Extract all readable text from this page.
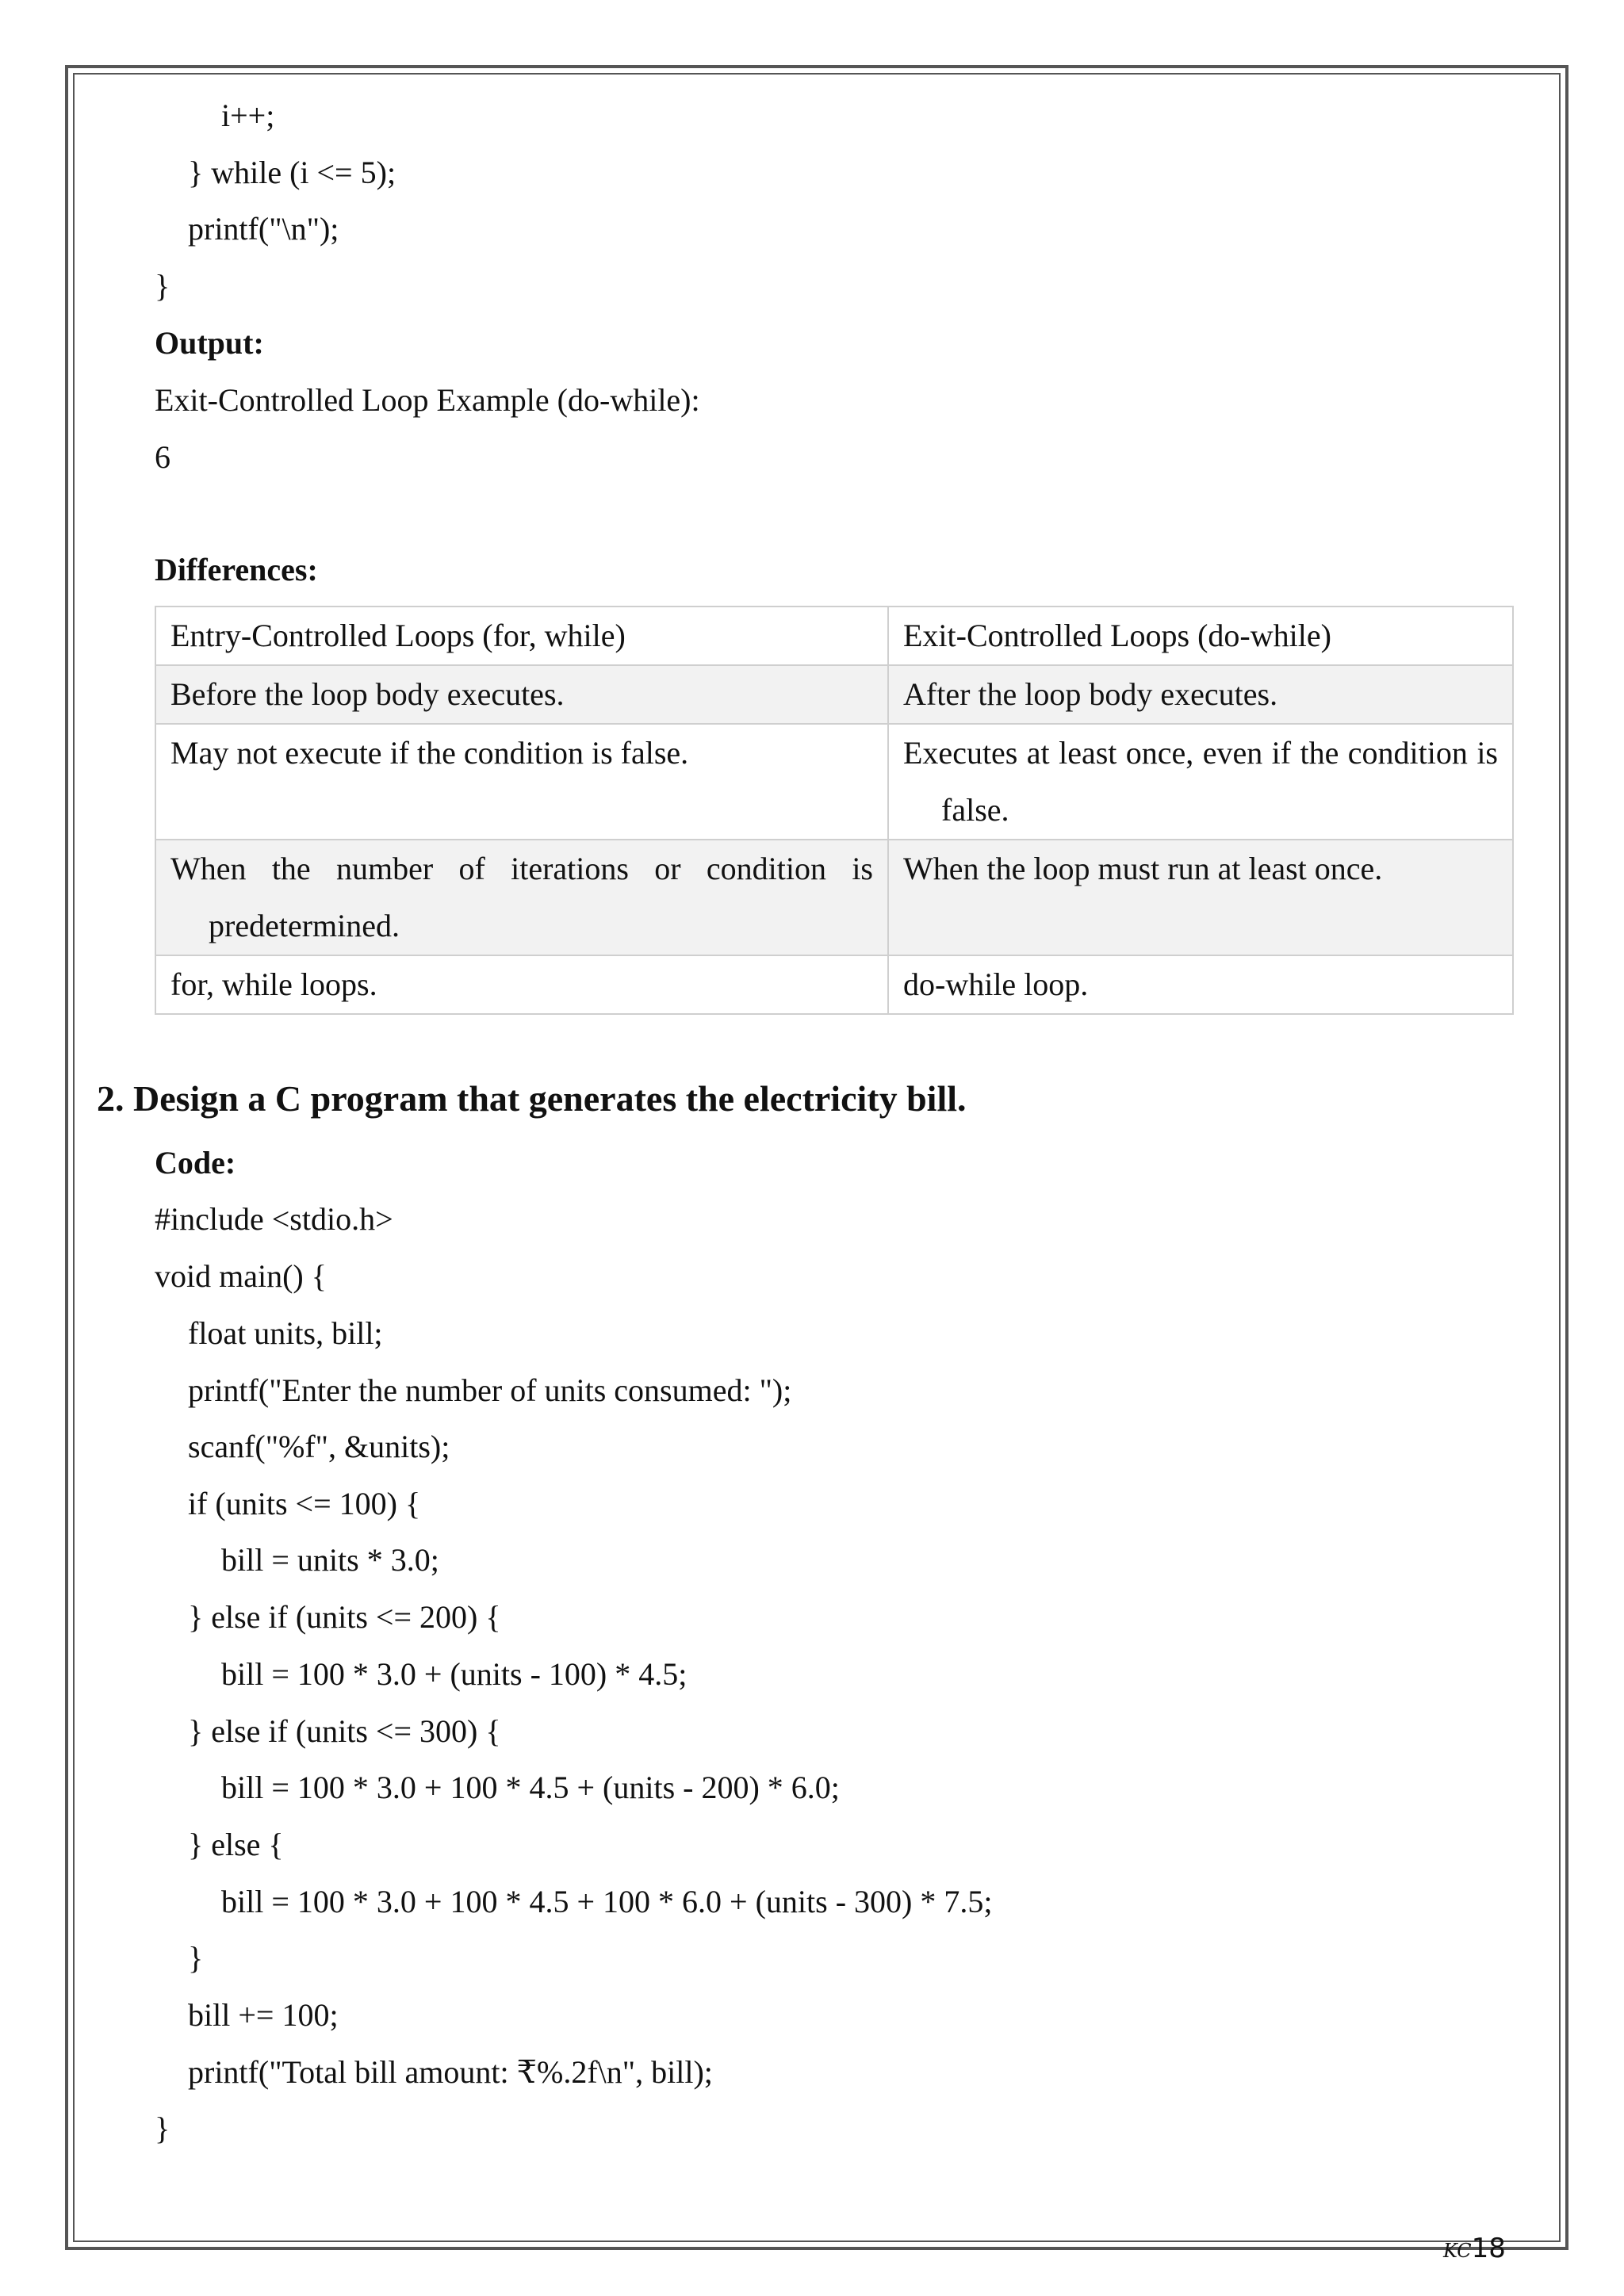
i++;
} while (i <= 5);
printf("\n");
}
Output:
Exit-Controlled Loop Example (do-while):
6
Differences:
Entry-Controlled Loops (for, while)	Exit-Controlled Loops (do-while)

Before the loop body executes.	After the loop body executes.

May not execute if the condition is false.	Executes at least once, even if the condition is false.

When the number of iterations or condition is predetermined.	When the loop must run at least once.

for, while loops.	do-while loop.
2. Design a C program that generates the electricity bill.
Code:
#include <stdio.h>
void main() {
float units, bill;
printf("Enter the number of units consumed: ");
scanf("%f", &units);
if (units <= 100) {
bill = units * 3.0;
} else if (units <= 200) {
bill = 100 * 3.0 + (units - 100) * 4.5;
} else if (units <= 300) {
bill = 100 * 3.0 + 100 * 4.5 + (units - 200) * 6.0;
} else {
bill = 100 * 3.0 + 100 * 4.5 + 100 * 6.0 + (units - 300) * 7.5;
}
bill += 100;
printf("Total bill amount: ₹%.2f\n", bill);
}
KC18
